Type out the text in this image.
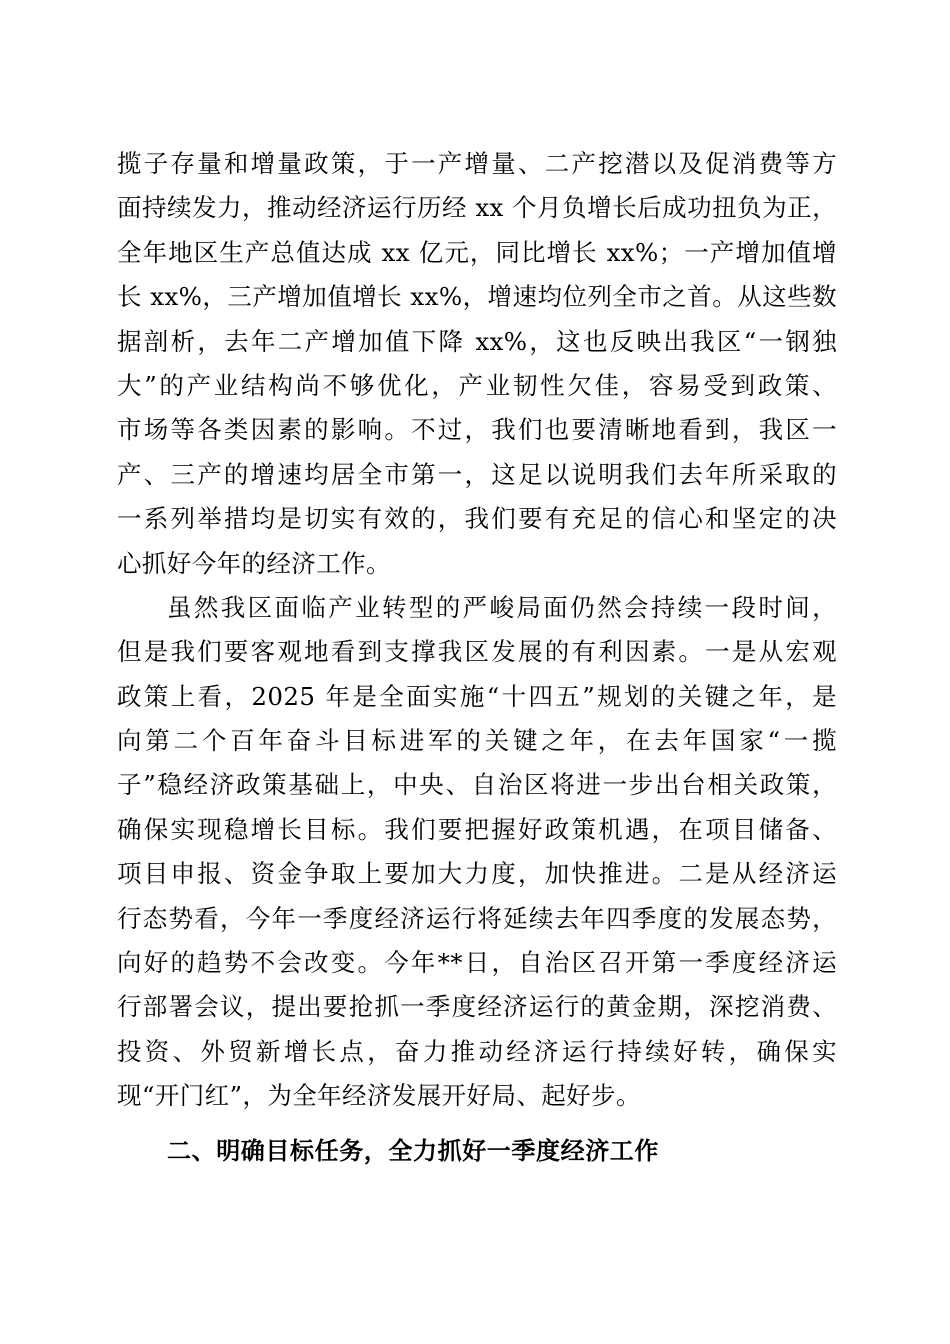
揽子存量和增量政策，于一产增量、二产挖潜以及促消费等方
面持续发力，推动经济运行历经 xx 个月负增长后成功扭负为正，
全年地区生产总值达成 xx 亿元，同比增长 xx%；一产增加值增
长 xx%，三产增加值增长 xx%，增速均位列全市之首。从这些数
据剖析，去年二产增加值下降 xx%，这也反映出我区“一钢独
大”的产业结构尚不够优化，产业韧性欠佳，容易受到政策、
市场等各类因素的影响。不过，我们也要清晰地看到，我区一
产、三产的增速均居全市第一，这足以说明我们去年所采取的
一系列举措均是切实有效的，我们要有充足的信心和坚定的决
心抓好今年的经济工作。
虽然我区面临产业转型的严峻局面仍然会持续一段时间，
但是我们要客观地看到支撑我区发展的有利因素。一是从宏观
政策上看，2025 年是全面实施“十四五”规划的关键之年，是
向第二个百年奋斗目标进军的关键之年，在去年国家“一揽
子”稳经济政策基础上，中央、自治区将进一步出台相关政策，
确保实现稳增长目标。我们要把握好政策机遇，在项目储备、
项目申报、资金争取上要加大力度，加快推进。二是从经济运
行态势看，今年一季度经济运行将延续去年四季度的发展态势，
向好的趋势不会改变。今年**日，自治区召开第一季度经济运
行部署会议，提出要抢抓一季度经济运行的黄金期，深挖消费、
投资、外贸新增长点，奋力推动经济运行持续好转，确保实
现“开门红”，为全年经济发展开好局、起好步。
二、明确目标任务，全力抓好一季度经济工作
